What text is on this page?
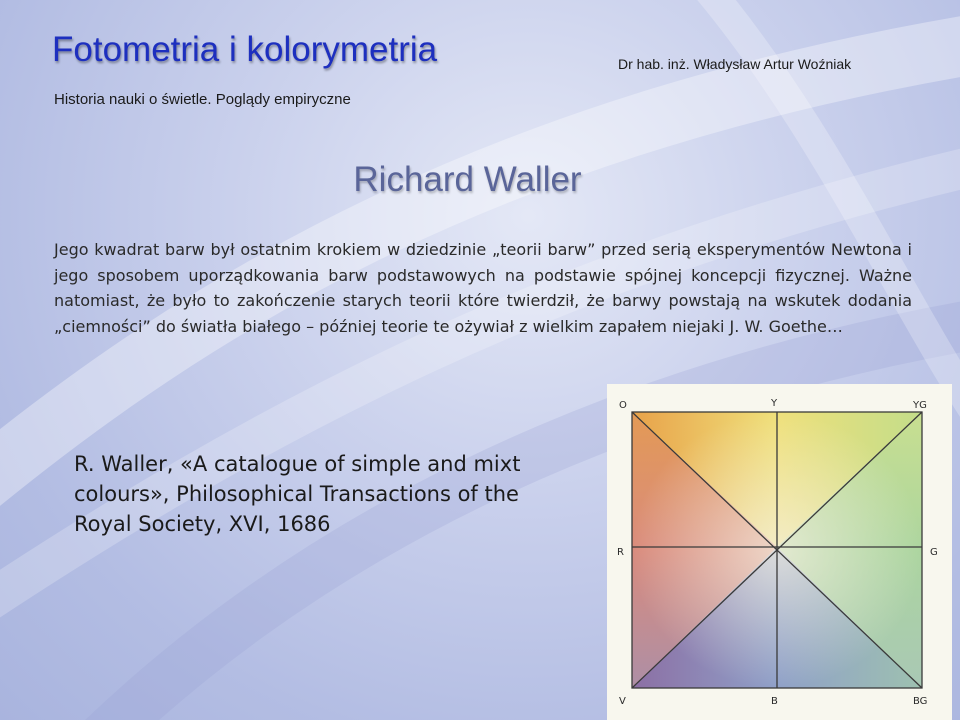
Fotometria i kolorymetria	Dr hab. inż. Władysław Artur Woźniak
Historia nauki o świetle. Poglądy empiryczne
Richard Waller

Jego kwadrat barw był ostatnim krokiem w dziedzinie „teorii barw” przed serią eksperymentów Newtona i jego sposobem uporządkowania barw podstawowych na podstawie spójnej koncepcji fizycznej. Ważne natomiast, że było to zakończenie starych teorii które twierdził, że barwy powstają na wskutek dodania „ciemności” do światła białego – później teorie te ożywiał z wielkim zapałem niejaki J. W. Goethe…

R. Waller, «A catalogue of simple and mixt colours», Philosophical Transactions of the Royal Society, XVI, 1686

O	Y	YG
R	G
V	B	BG
